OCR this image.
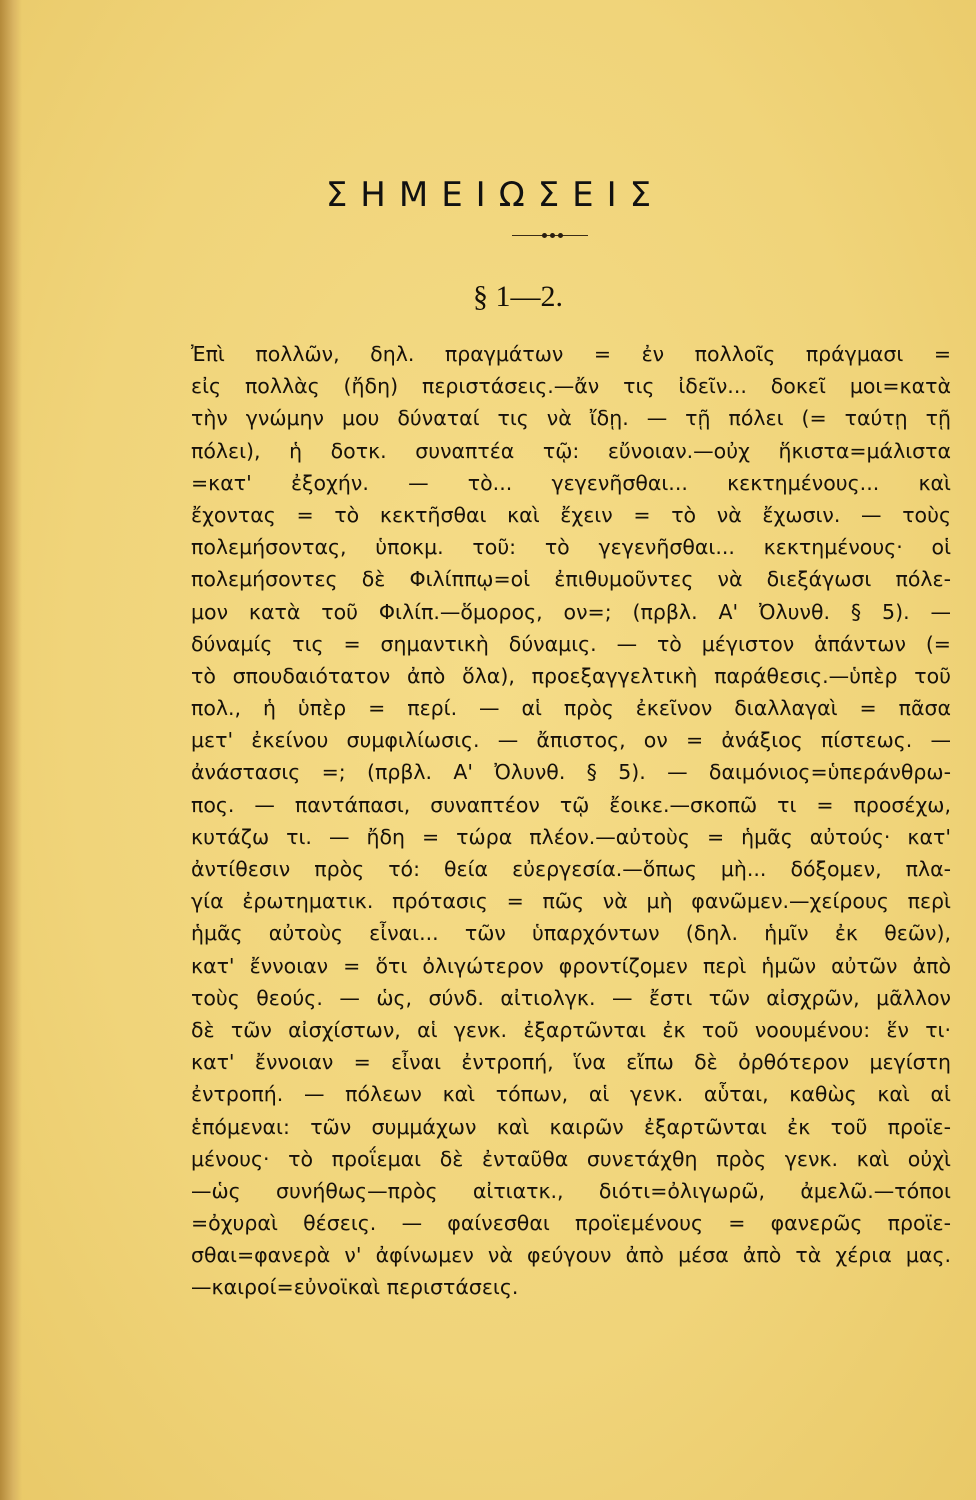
ΣΗΜΕΙΩΣΕΙΣ
§ 1—2.
Ἐπὶ πολλῶν, δηλ. πραγμάτων = ἐν πολλοῖς πράγμασι =
εἰς πολλὰς (ἤδη) περιστάσεις.—ἄν τις ἰδεῖν... δοκεῖ μοι=κατὰ
τὴν γνώμην μου δύναταί τις νὰ ἴδῃ. — τῇ πόλει (= ταύτῃ τῇ
πόλει), ἡ δοτκ. συναπτέα τῷ: εὔνοιαν.—οὐχ ἥκιστα=μάλιστα
=κατ' ἐξοχήν. — τὸ... γεγενῆσθαι... κεκτημένους... καὶ
ἔχοντας = τὸ κεκτῆσθαι καὶ ἔχειν = τὸ νὰ ἔχωσιν. — τοὺς
πολεμήσοντας, ὑποκμ. τοῦ: τὸ γεγενῆσθαι... κεκτημένους· οἱ
πολεμήσοντες δὲ Φιλίππῳ=οἱ ἐπιθυμοῦντες νὰ διεξάγωσι πόλε-
μον κατὰ τοῦ Φιλίπ.—ὅμορος, ον=; (πρβλ. Α' Ὀλυνθ. § 5). —
δύναμίς τις = σημαντικὴ δύναμις. — τὸ μέγιστον ἁπάντων (=
τὸ σπουδαιότατον ἀπὸ ὅλα), προεξαγγελτικὴ παράθεσις.—ὑπὲρ τοῦ
πολ., ἡ ὑπὲρ = περί. — αἱ πρὸς ἐκεῖνον διαλλαγαὶ = πᾶσα
μετ' ἐκείνου συμφιλίωσις. — ἄπιστος, ον = ἀνάξιος πίστεως. —
ἀνάστασις =; (πρβλ. Α' Ὀλυνθ. § 5). — δαιμόνιος=ὑπεράνθρω-
πος. — παντάπασι, συναπτέον τῷ ἔοικε.—σκοπῶ τι = προσέχω,
κυτάζω τι. — ἤδη = τώρα πλέον.—αὐτοὺς = ἡμᾶς αὐτούς· κατ'
ἀντίθεσιν πρὸς τό: θεία εὐεργεσία.—ὅπως μὴ... δόξομεν, πλα-
γία ἐρωτηματικ. πρότασις = πῶς νὰ μὴ φανῶμεν.—χείρους περὶ
ἡμᾶς αὐτοὺς εἶναι... τῶν ὑπαρχόντων (δηλ. ἡμῖν ἐκ θεῶν),
κατ' ἔννοιαν = ὅτι ὀλιγώτερον φροντίζομεν περὶ ἡμῶν αὐτῶν ἀπὸ
τοὺς θεούς. — ὡς, σύνδ. αἰτιολγκ. — ἔστι τῶν αἰσχρῶν, μᾶλλον
δὲ τῶν αἰσχίστων, αἱ γενκ. ἐξαρτῶνται ἐκ τοῦ νοουμένου: ἕν τι·
κατ' ἔννοιαν = εἶναι ἐντροπή, ἵνα εἴπω δὲ ὀρθότερον μεγίστη
ἐντροπή. — πόλεων καὶ τόπων, αἱ γενκ. αὗται, καθὼς καὶ αἱ
ἑπόμεναι: τῶν συμμάχων καὶ καιρῶν ἐξαρτῶνται ἐκ τοῦ προϊε-
μένους· τὸ προΐεμαι δὲ ἐνταῦθα συνετάχθη πρὸς γενκ. καὶ οὐχὶ
—ὡς συνήθως—πρὸς αἰτιατκ., διότι=ὀλιγωρῶ, ἀμελῶ.—τόποι
=ὀχυραὶ θέσεις. — φαίνεσθαι προϊεμένους = φανερῶς προϊε-
σθαι=φανερὰ ν' ἀφίνωμεν νὰ φεύγουν ἀπὸ μέσα ἀπὸ τὰ χέρια μας.
—καιροί=εὐνοϊκαὶ περιστάσεις.
